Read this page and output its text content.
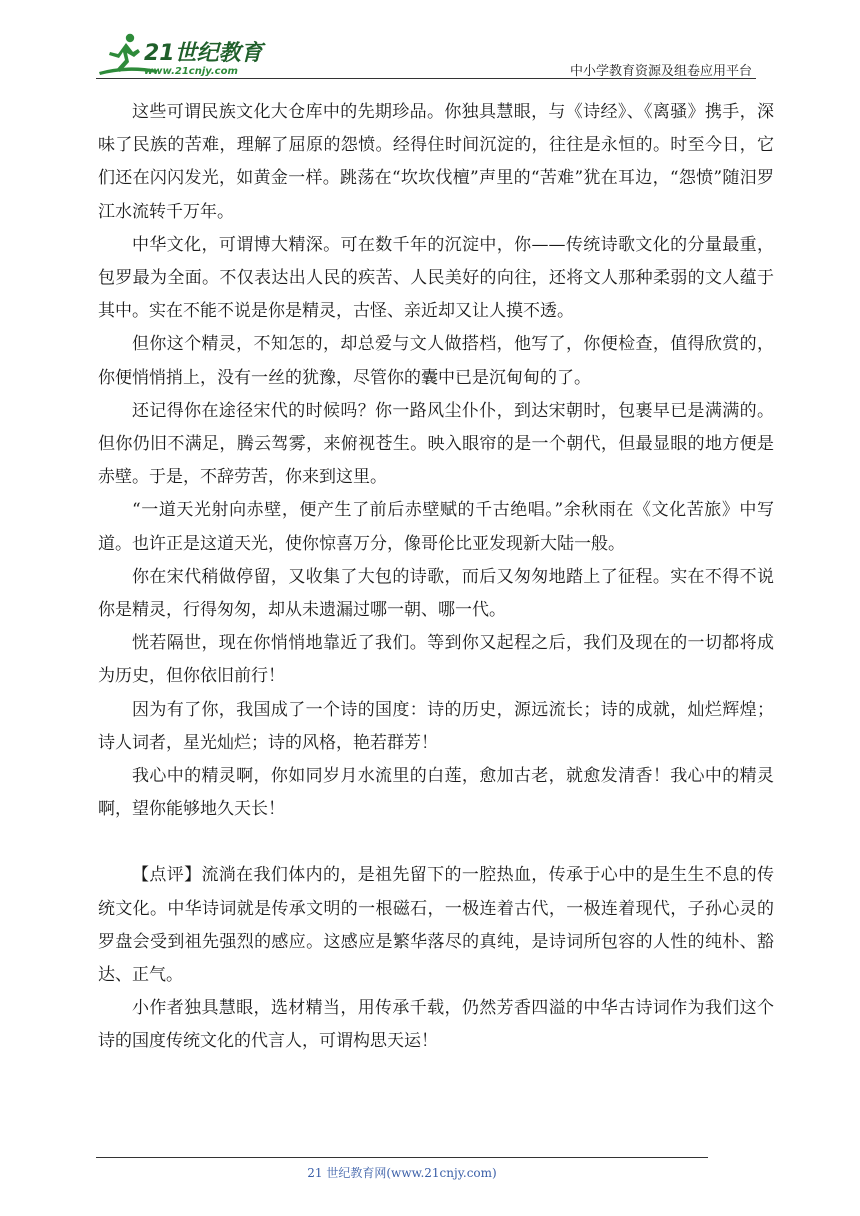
21世纪教育
www.21cnjy.com	中小学教育资源及组卷应用平台

这些可谓民族文化大仓库中的先期珍品。你独具慧眼，与《诗经》、《离骚》携手，深味了民族的苦难，理解了屈原的怨愤。经得住时间沉淀的，往往是永恒的。时至今日，它们还在闪闪发光，如黄金一样。跳荡在“坎坎伐檀”声里的“苦难”犹在耳边，“怨愤”随汨罗江水流转千万年。

中华文化，可谓博大精深。可在数千年的沉淀中，你——传统诗歌文化的分量最重，包罗最为全面。不仅表达出人民的疾苦、人民美好的向往，还将文人那种柔弱的文人蕴于其中。实在不能不说是你是精灵，古怪、亲近却又让人摸不透。

但你这个精灵，不知怎的，却总爱与文人做搭档，他写了，你便检查，值得欣赏的，你便悄悄捎上，没有一丝的犹豫，尽管你的囊中已是沉甸甸的了。

还记得你在途径宋代的时候吗？你一路风尘仆仆，到达宋朝时，包裹早已是满满的。但你仍旧不满足，腾云驾雾，来俯视苍生。映入眼帘的是一个朝代，但最显眼的地方便是赤壁。于是，不辞劳苦，你来到这里。

“一道天光射向赤壁，便产生了前后赤壁赋的千古绝唱。”余秋雨在《文化苦旅》中写道。也许正是这道天光，使你惊喜万分，像哥伦比亚发现新大陆一般。

你在宋代稍做停留，又收集了大包的诗歌，而后又匆匆地踏上了征程。实在不得不说你是精灵，行得匆匆，却从未遗漏过哪一朝、哪一代。

恍若隔世，现在你悄悄地靠近了我们。等到你又起程之后，我们及现在的一切都将成为历史，但你依旧前行！

因为有了你，我国成了一个诗的国度：诗的历史，源远流长；诗的成就，灿烂辉煌；诗人词者，星光灿烂；诗的风格，艳若群芳！

我心中的精灵啊，你如同岁月水流里的白莲，愈加古老，就愈发清香！我心中的精灵啊，望你能够地久天长！

【点评】流淌在我们体内的，是祖先留下的一腔热血，传承于心中的是生生不息的传统文化。中华诗词就是传承文明的一根磁石，一极连着古代，一极连着现代，子孙心灵的罗盘会受到祖先强烈的感应。这感应是繁华落尽的真纯，是诗词所包容的人性的纯朴、豁达、正气。

小作者独具慧眼，选材精当，用传承千载，仍然芳香四溢的中华古诗词作为我们这个诗的国度传统文化的代言人，可谓构思天运！

21 世纪教育网(www.21cnjy.com)
